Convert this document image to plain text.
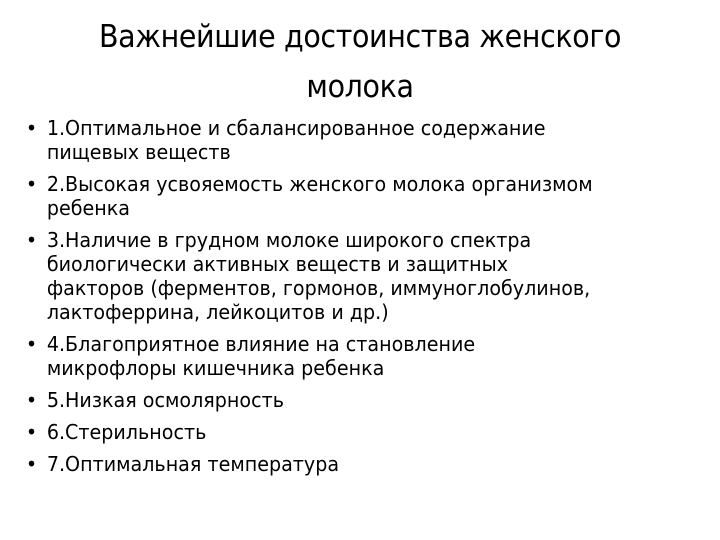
Важнейшие достоинства женского
молока
• 1.Оптимальное и сбалансированное содержание
пищевых веществ
• 2.Высокая усвояемость женского молока организмом
ребенка
• 3.Наличие в грудном молоке широкого спектра
биологически активных веществ и защитных
факторов (ферментов, гормонов, иммуноглобулинов,
лактоферрина, лейкоцитов и др.)
• 4.Благоприятное влияние на становление
микрофлоры кишечника ребенка
• 5.Низкая осмолярность
• 6.Стерильность
• 7.Оптимальная температура
